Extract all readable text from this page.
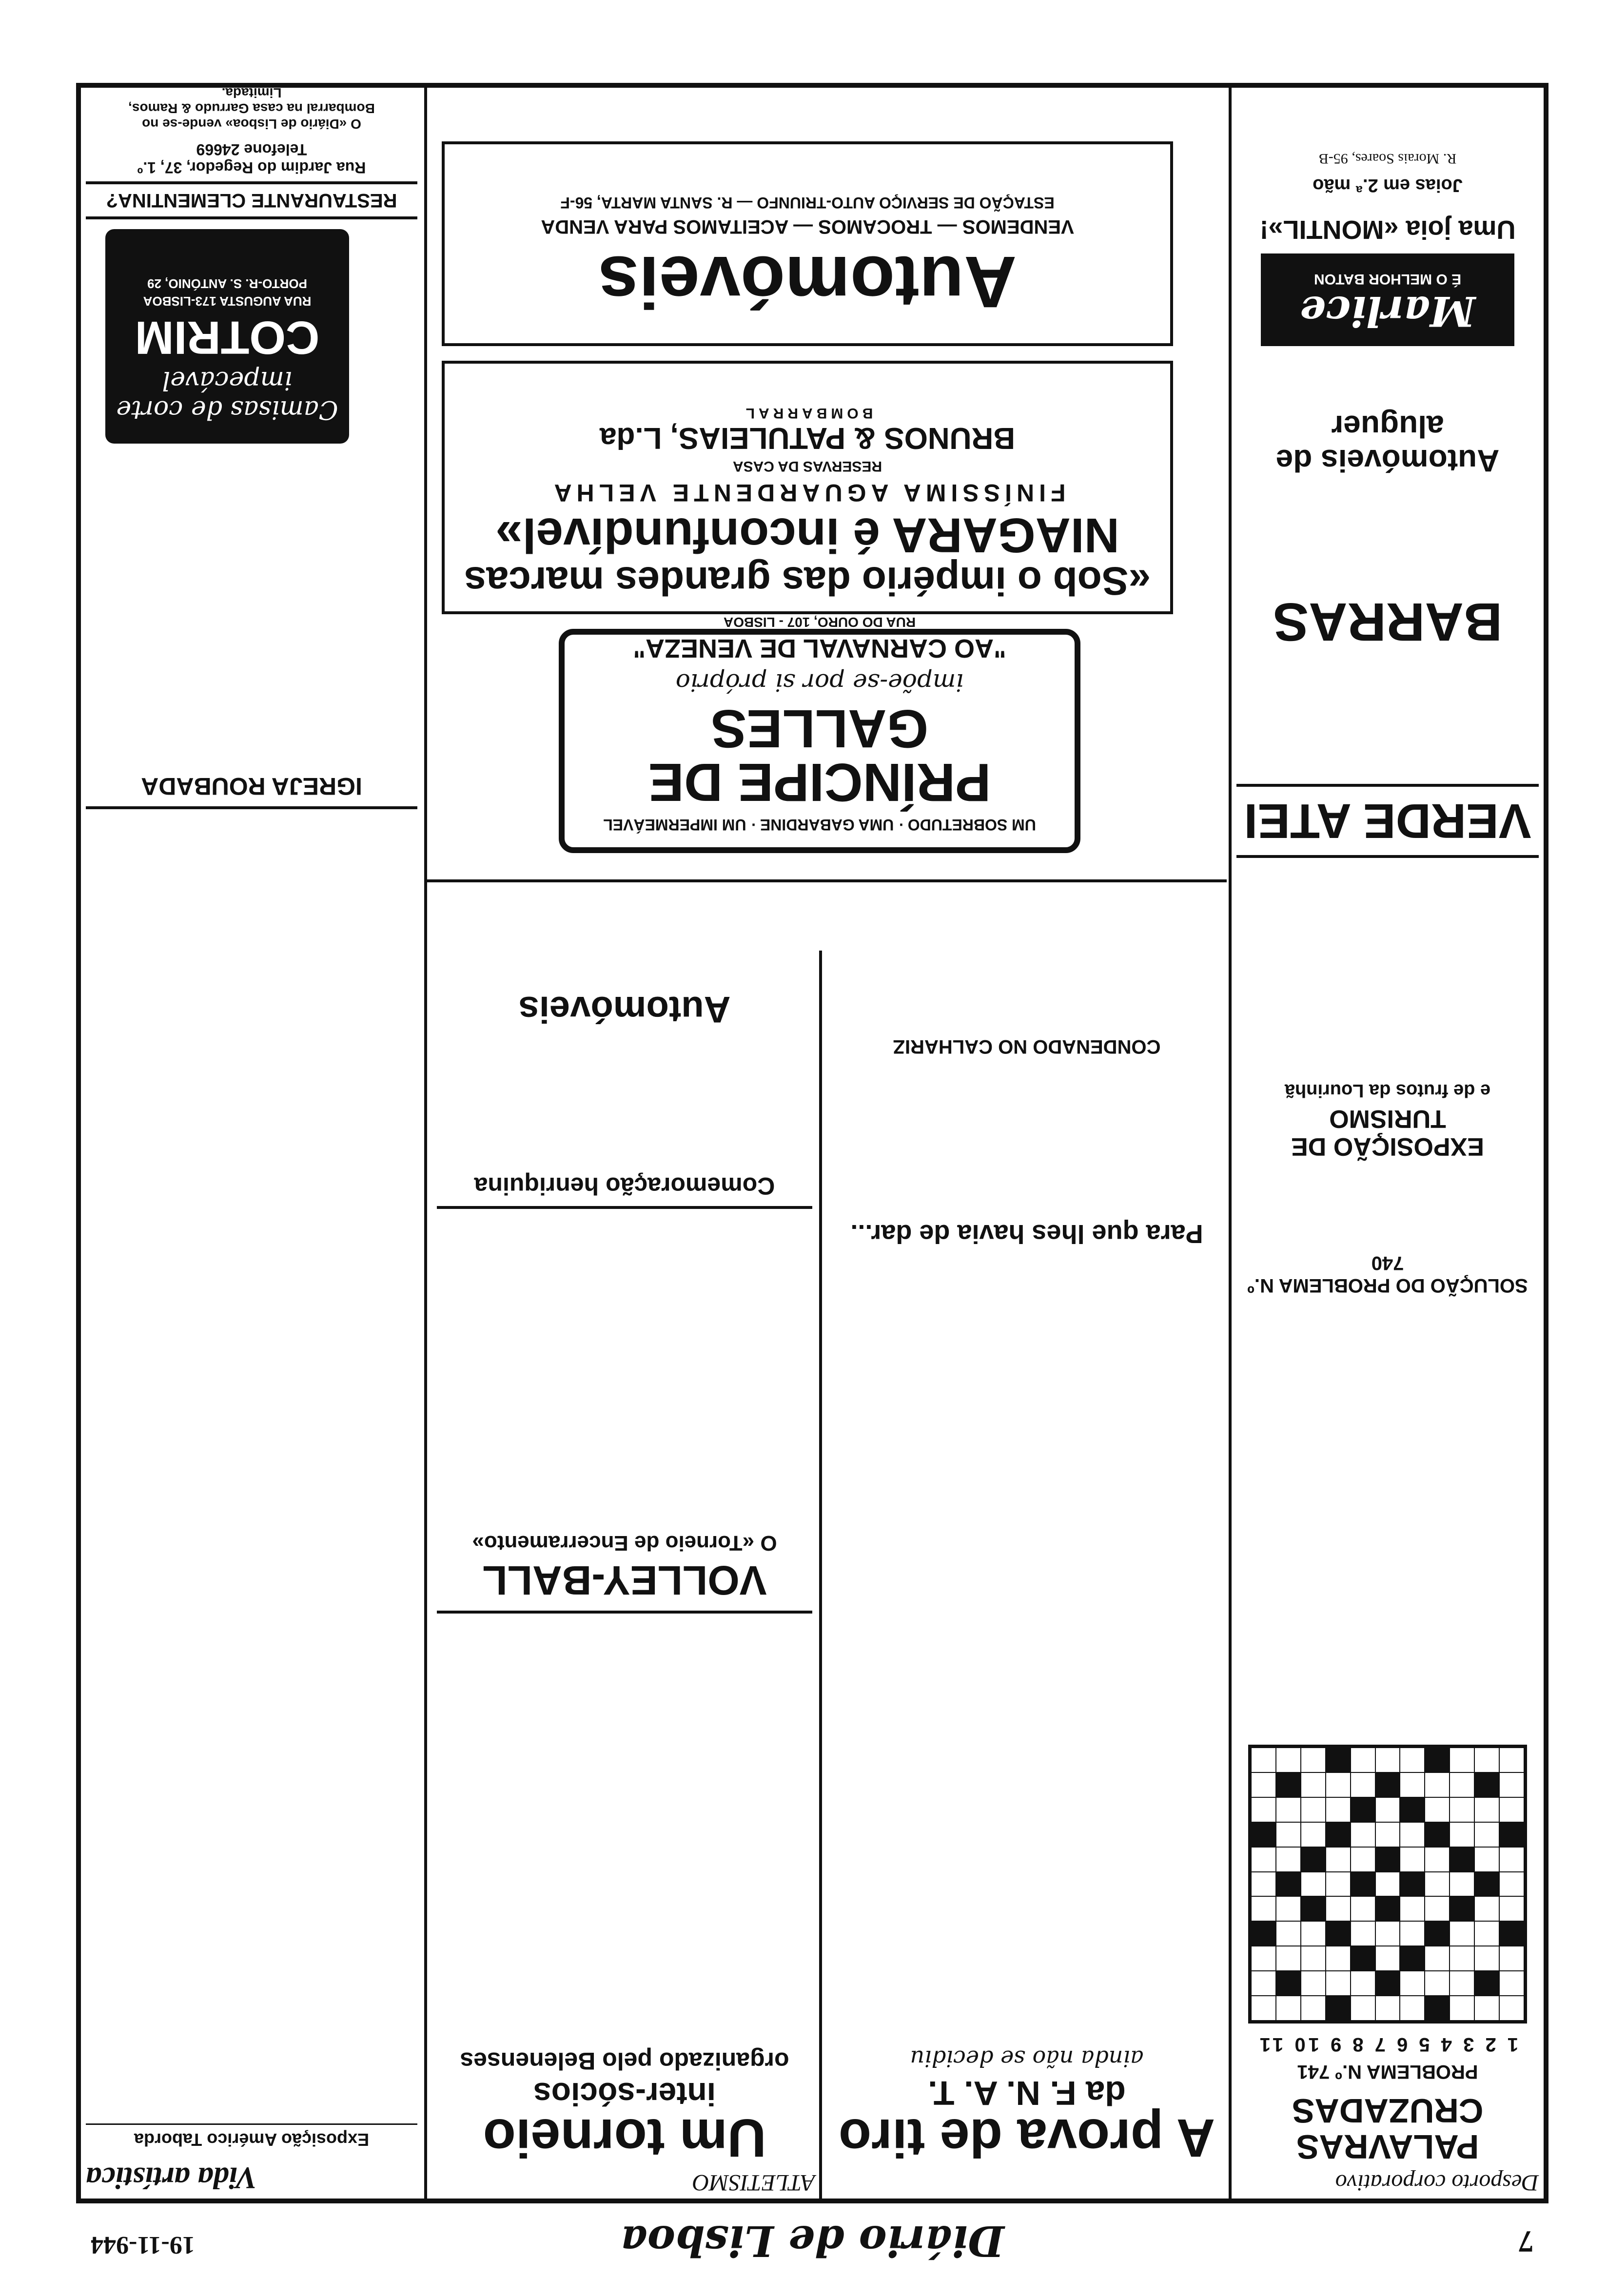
7
Diário de Lisboa
19-11-944
Desporto corporativo
ATLETISMO
Vida artística
PALAVRAS CRUZADAS
PROBLEMA N.º 741
1 2 3 4 5 6 7 8 9 10 11
SOLUÇÃO DO PROBLEMA N.º 740
EXPOSIÇÃO DE TURISMO
e de frutos da Lourinhã
VERDE ATEI
BARRAS
Automóveis de aluguer
Marlice
É O MELHOR BATON
Uma joia «MONTIL»!
Joias em 2.ª mão
R. Morais Soares, 95-B
A prova de tiro
da F. N. A. T.
ainda não se decidiu
Um torneio
inter-sócios
organizado pelo Belenenses
VOLLEY-BALL
O «Torneio de Encerramento»
Comemoração henriquina
Para que lhes havia de dar...
CONDENADO NO CALHARIZ
Automóveis
Exposição Américo Taborda
IGREJA ROUBADA
UM SOBRETUDO · UMA GABARDINE · UM IMPERMEÁVEL
PRÍNCIPE DE GALLES
impõe-se por si próprio
"AO CARNAVAL DE VENEZA"
RUA DO OURO, 107 - LISBOA
«Sob o império das grandes marcas
NIAGARA é inconfundível»
FINÍSSIMA AGUARDENTE VELHA
RESERVAS DA CASA
BRUNOS & PATULEIAS, L.da
BOMBARRAL
Automóveis
VENDEMOS — TROCAMOS — ACEITAMOS PARA VENDA
ESTAÇÃO DE SERVIÇO AUTO-TRIUNFO — R. SANTA MARTA, 56-F
Camisas de corte impecável
COTRIM
RUA AUGUSTA 173-LISBOA
PORTO-R. S. ANTÓNIO, 29
RESTAURANTE CLEMENTINA?
Rua Jardim do Regedor, 37, 1.º
Telefone 24669
O «Diário de Lisboa» vende-se no
Bombarral na casa Garrudo & Ramos,
Limitada.
